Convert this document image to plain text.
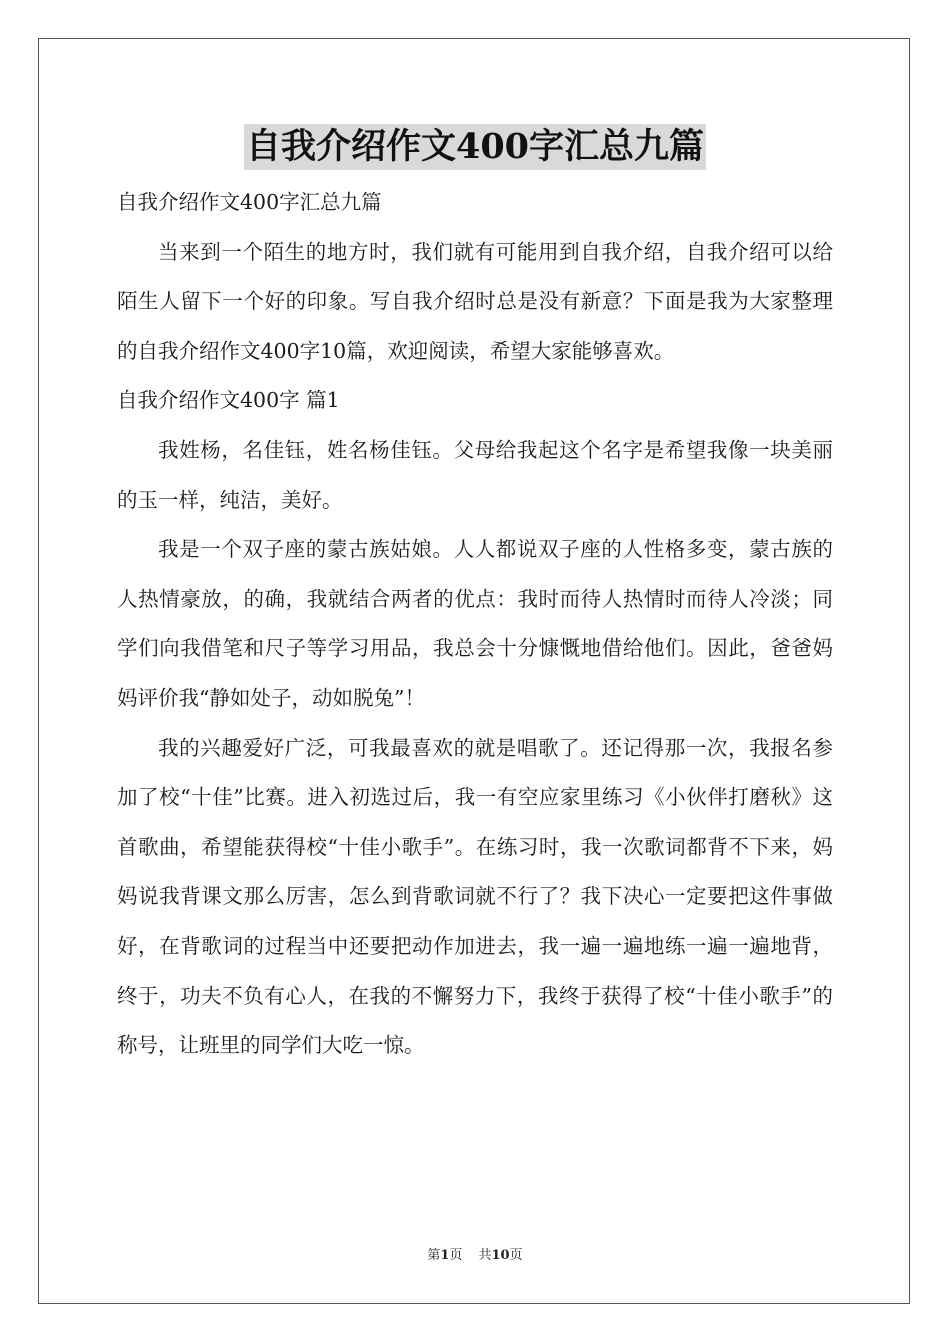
自我介绍作文400字汇总九篇

自我介绍作文400字汇总九篇

当来到一个陌生的地方时，我们就有可能用到自我介绍，自我介绍可以给陌生人留下一个好的印象。写自我介绍时总是没有新意？下面是我为大家整理的自我介绍作文400字10篇，欢迎阅读，希望大家能够喜欢。

自我介绍作文400字 篇1

我姓杨，名佳钰，姓名杨佳钰。父母给我起这个名字是希望我像一块美丽的玉一样，纯洁，美好。

我是一个双子座的蒙古族姑娘。人人都说双子座的人性格多变，蒙古族的人热情豪放，的确，我就结合两者的优点：我时而待人热情时而待人冷淡；同学们向我借笔和尺子等学习用品，我总会十分慷慨地借给他们。因此，爸爸妈妈评价我“静如处子，动如脱兔”！

我的兴趣爱好广泛，可我最喜欢的就是唱歌了。还记得那一次，我报名参加了校“十佳”比赛。进入初选过后，我一有空应家里练习《小伙伴打磨秋》这首歌曲，希望能获得校“十佳小歌手”。在练习时，我一次歌词都背不下来，妈妈说我背课文那么厉害，怎么到背歌词就不行了？我下决心一定要把这件事做好，在背歌词的过程当中还要把动作加进去，我一遍一遍地练一遍一遍地背，终于，功夫不负有心人，在我的不懈努力下，我终于获得了校“十佳小歌手”的称号，让班里的同学们大吃一惊。

第1页 共10页
